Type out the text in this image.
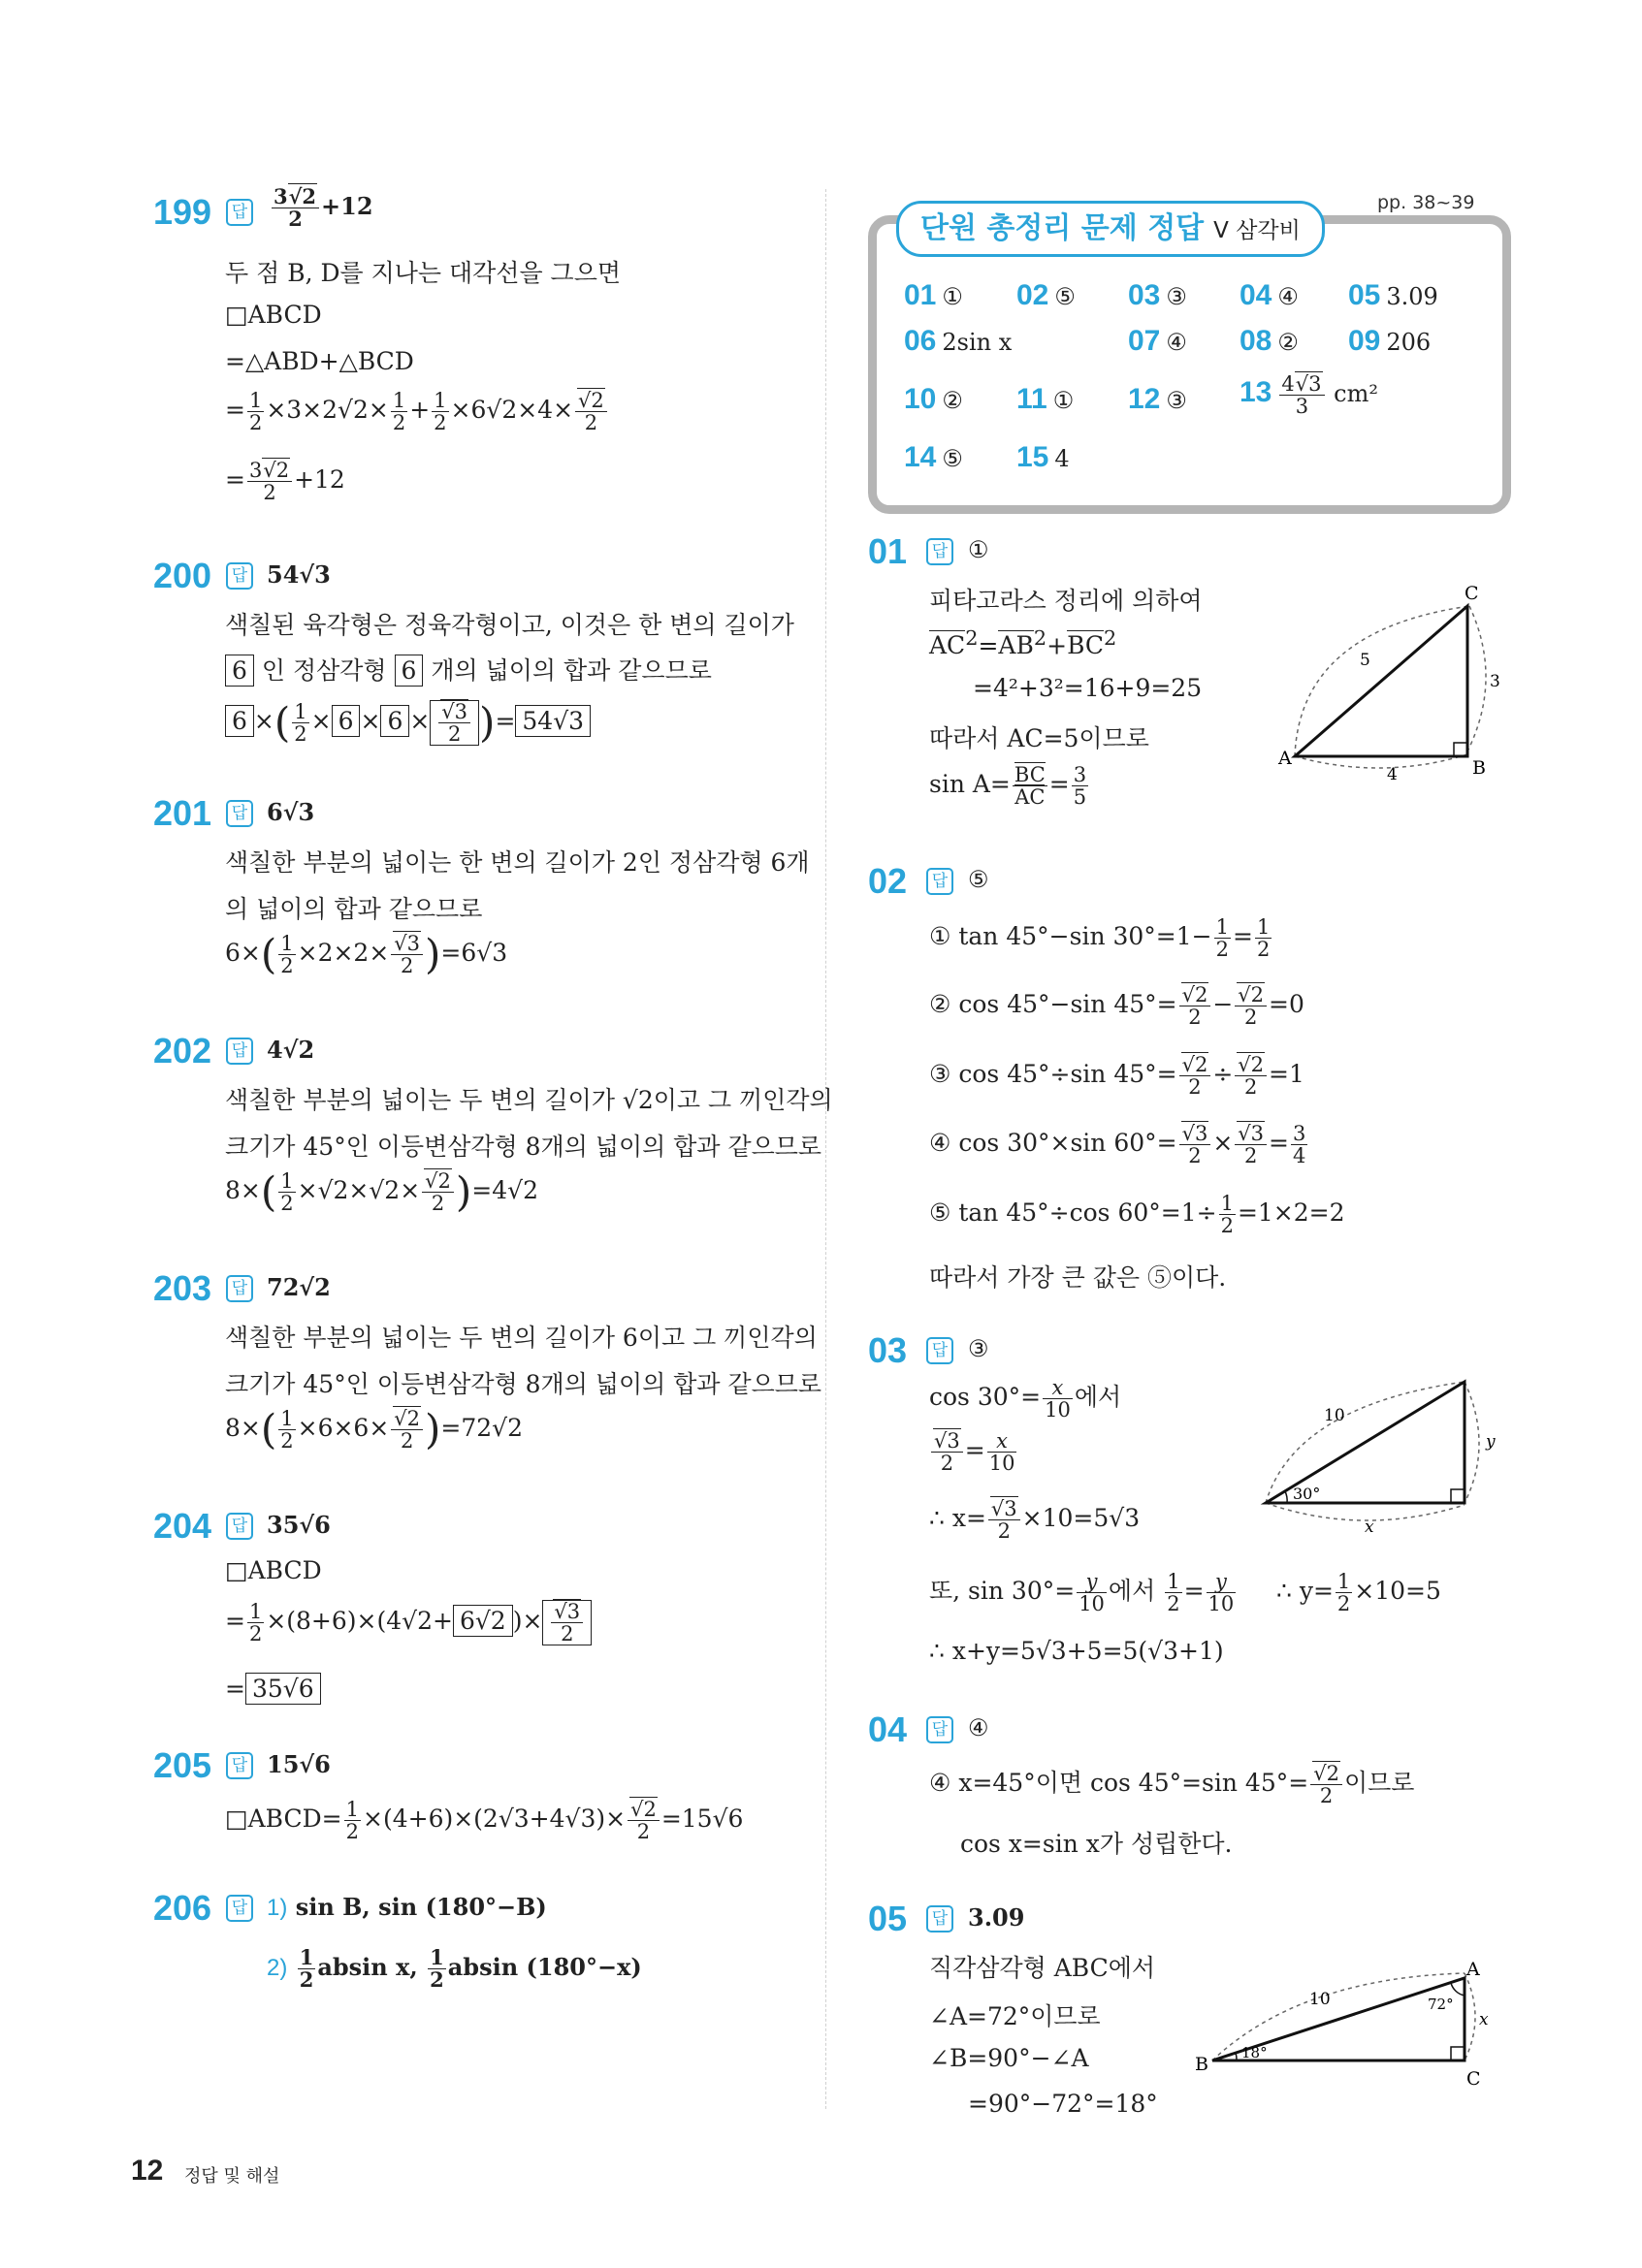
199	답 $\frac{3√2}{2} +12$
두 점 B, D를 지나는 대각선을 그으면
□ABCD
=△ABD+△BCD
= $\frac{1}{2} \times 3\times 2√2\times \frac{1}{2} + \frac{1}{2} \times 6√2\times 4\times \frac{√2}{2}$
= $\frac{3√2}{2} +12$
200	답 54√3
색칠된 육각형은 정육각형이고, 이것은 한 변의 길이가
6 인 정삼각형 6 개의 넓이의 합과 같으므로
6 ×( $\frac{1}{2} \times 6 \times 6 \times \frac{√3}{2}$ )= 54√3
201	답 6√3
색칠한 부분의 넓이는 한 변의 길이가 2인 정삼각형 6개
의 넓이의 합과 같으므로
$6\times( \frac{1}{2} \times 2\times 2\times \frac{√3}{2} )=6√3$
202	답 4√2
색칠한 부분의 넓이는 두 변의 길이가 √2이고 그 끼인각의
크기가 45°인 이등변삼각형 8개의 넓이의 합과 같으므로
$8\times( \frac{1}{2} \times√2\times√2\times \frac{√2}{2} )=4√2$
203	답 72√2
색칠한 부분의 넓이는 두 변의 길이가 6이고 그 끼인각의
크기가 45°인 이등변삼각형 8개의 넓이의 합과 같으므로
$8\times( \frac{1}{2} \times 6\times 6\times \frac{√2}{2} )=72√2$
204	답 35√6
□ABCD
= $\frac{1}{2} \times(8+6)\times(4√2+ 6√2$ )× $\frac{√3}{2}$
= 35√6
205	답 15√6
□ABCD= $\frac{1}{2} \times(4+6)\times(2√3+4√3)\times \frac{√2}{2} =15√6$
206	답 1) sin B, sin (180°−B)
$2) \frac{1}{2}$ absin x, $\frac{1}{2}$ absin (180°−x)
pp. 38~39
단원 총정리 문제 정답 Ⅴ 삼각비
01 ① 02 ⑤ 03 ③ 04 ④ 05 3.09
06 2sin x	07 ④ 08 ② 09 206
10 ② 11 ① 12 ③ $13 \frac{4√3}{3} cm^2$
14 ⑤ 15 4
01	답 ①
피타고라스 정리에 의하여
$AC^2=AB^2+BC^2$
=4²+3²=16+9=25
따라서 AC=5이므로
$\sin A= \frac{BC}{AC} = \frac{3}{5}$
A	B
C
5
3
4
02	답 ⑤
① tan 45°−sin $30^\circ=1- \frac{1}{2} = \frac{1}{2}$
② cos 45°−sin $45^\circ= \frac{√2}{2} - \frac{√2}{2} =0$
③ cos 45°÷sin $45^\circ= \frac{√2}{2} \div \frac{√2}{2} =1$
④ cos 30°×sin $60^\circ= \frac{√3}{2} \times \frac{√3}{2} = \frac{3}{4}$
⑤ tan 45°÷cos $60^\circ=1\div \frac{1}{2} =1\times 2=2$
따라서 가장 큰 값은 ⑤이다.
03	답 ③
$\cos 30^\circ= \frac{x}{10}$ 에서
$\frac{√3}{2} = \frac{x}{10}$
∴ $x= \frac{√3}{2} \times 10=5√3$
또, $\sin 30^\circ= \frac{y}{10}$ 에서 $\frac{1}{2} = \frac{y}{10}$ ∴ $y= \frac{1}{2} \times 10=5$
∴ x+y=5√3+5=5(√3+1)
10
y
x
30°
04	답 ④
④ x=45°이면 cos 45°=sin $45^\circ= \frac{√2}{2}$ 이므로
cos x=sin x가 성립한다.
05	답 3.09
직각삼각형 ABC에서
∠A=72°이므로
∠B=90°−∠A
=90°−72°=18°
B
A
C
10
x
72°
18°
12 정답 및 해설
